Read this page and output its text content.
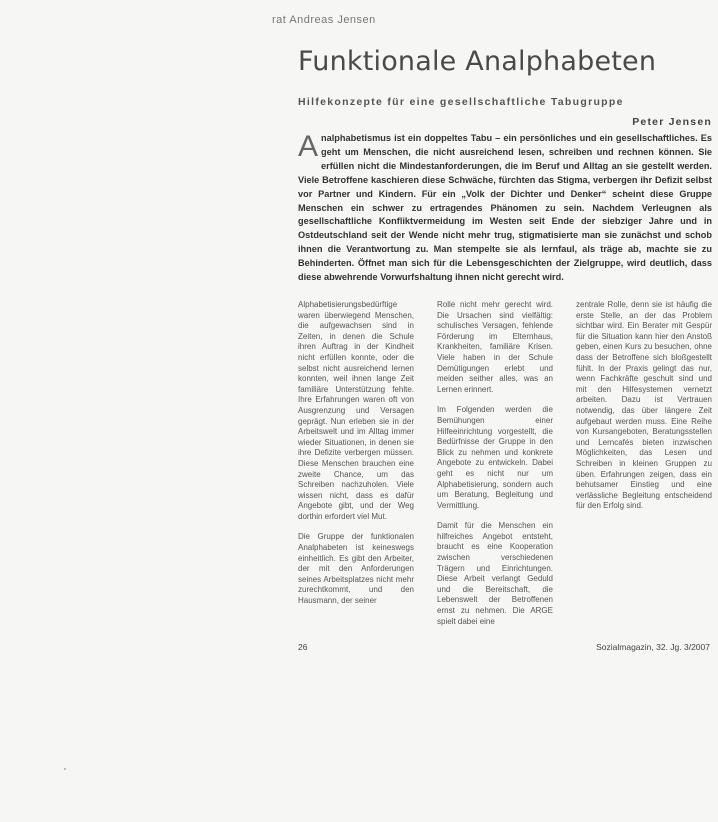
rat Andreas Jensen
Funktionale Analphabeten
Hilfekonzepte für eine gesellschaftliche Tabugruppe
Peter Jensen
Analphabetismus ist ein doppeltes Tabu – ein persönliches und ein gesellschaftliches. Es geht um Menschen, die nicht ausreichend lesen, schreiben und rechnen können. Sie erfüllen nicht die Mindestanforderungen, die im Beruf und Alltag an sie gestellt werden. Viele Betroffene kaschieren diese Schwäche, fürchten das Stigma, verbergen ihr Defizit selbst vor Partner und Kindern. Für ein „Volk der Dichter und Denker“ scheint diese Gruppe Menschen ein schwer zu ertragendes Phänomen zu sein. Nachdem Verleugnen als gesellschaftliche Konfliktvermeidung im Westen seit Ende der siebziger Jahre und in Ostdeutschland seit der Wende nicht mehr trug, stigmatisierte man sie zunächst und schob ihnen die Verantwortung zu. Man stempelte sie als lernfaul, als träge ab, machte sie zu Behinderten. Öffnet man sich für die Lebensgeschichten der Zielgruppe, wird deutlich, dass diese abwehrende Vorwurfshaltung ihnen nicht gerecht wird.

Alphabetisierungsbedürftige waren überwiegend Menschen, die aufgewachsen sind in Zeiten, in denen die Schule ihren Auftrag in der Kindheit nicht erfüllen konnte, oder die selbst nicht ausreichend lernen konnten, weil ihnen lange Zeit familiäre Unterstützung fehlte. Ihre Erfahrungen waren oft von Ausgrenzung und Versagen geprägt. Nun erleben sie in der Arbeitswelt und im Alltag immer wieder Situationen, in denen sie ihre Defizite verbergen müssen. Diese Menschen brauchen eine zweite Chance, um das Schreiben nachzuholen. Viele wissen nicht, dass es dafür Angebote gibt, und der Weg dorthin erfordert viel Mut.

Die Gruppe der funktionalen Analphabeten ist keineswegs einheitlich. Es gibt den Arbeiter, der mit den Anforderungen seines Arbeitsplatzes nicht mehr zurechtkommt, und den Hausmann, der seiner

Rolle nicht mehr gerecht wird. Die Ursachen sind vielfältig: schulisches Versagen, fehlende Förderung im Elternhaus, Krankheiten, familiäre Krisen. Viele haben in der Schule Demütigungen erlebt und meiden seither alles, was an Lernen erinnert.

Im Folgenden werden die Bemühungen einer Hilfeeinrichtung vorgestellt, die Bedürfnisse der Gruppe in den Blick zu nehmen und konkrete Angebote zu entwickeln. Dabei geht es nicht nur um Alphabetisierung, sondern auch um Beratung, Begleitung und Vermittlung.

Damit für die Menschen ein hilfreiches Angebot entsteht, braucht es eine Kooperation zwischen verschiedenen Trägern und Einrichtungen. Diese Arbeit verlangt Geduld und die Bereitschaft, die Lebenswelt der Betroffenen ernst zu nehmen. Die ARGE spielt dabei eine

zentrale Rolle, denn sie ist häufig die erste Stelle, an der das Problem sichtbar wird. Ein Berater mit Gespür für die Situation kann hier den Anstoß geben, einen Kurs zu besuchen, ohne dass der Betroffene sich bloßgestellt fühlt. In der Praxis gelingt das nur, wenn Fachkräfte geschult sind und mit den Hilfesystemen vernetzt arbeiten. Dazu ist Vertrauen notwendig, das über längere Zeit aufgebaut werden muss. Eine Reihe von Kursangeboten, Beratungsstellen und Lerncafés bieten inzwischen Möglichkeiten, das Lesen und Schreiben in kleinen Gruppen zu üben. Erfahrungen zeigen, dass ein behutsamer Einstieg und eine verlässliche Begleitung entscheidend für den Erfolg sind.

26	Sozialmagazin, 32. Jg. 3/2007
